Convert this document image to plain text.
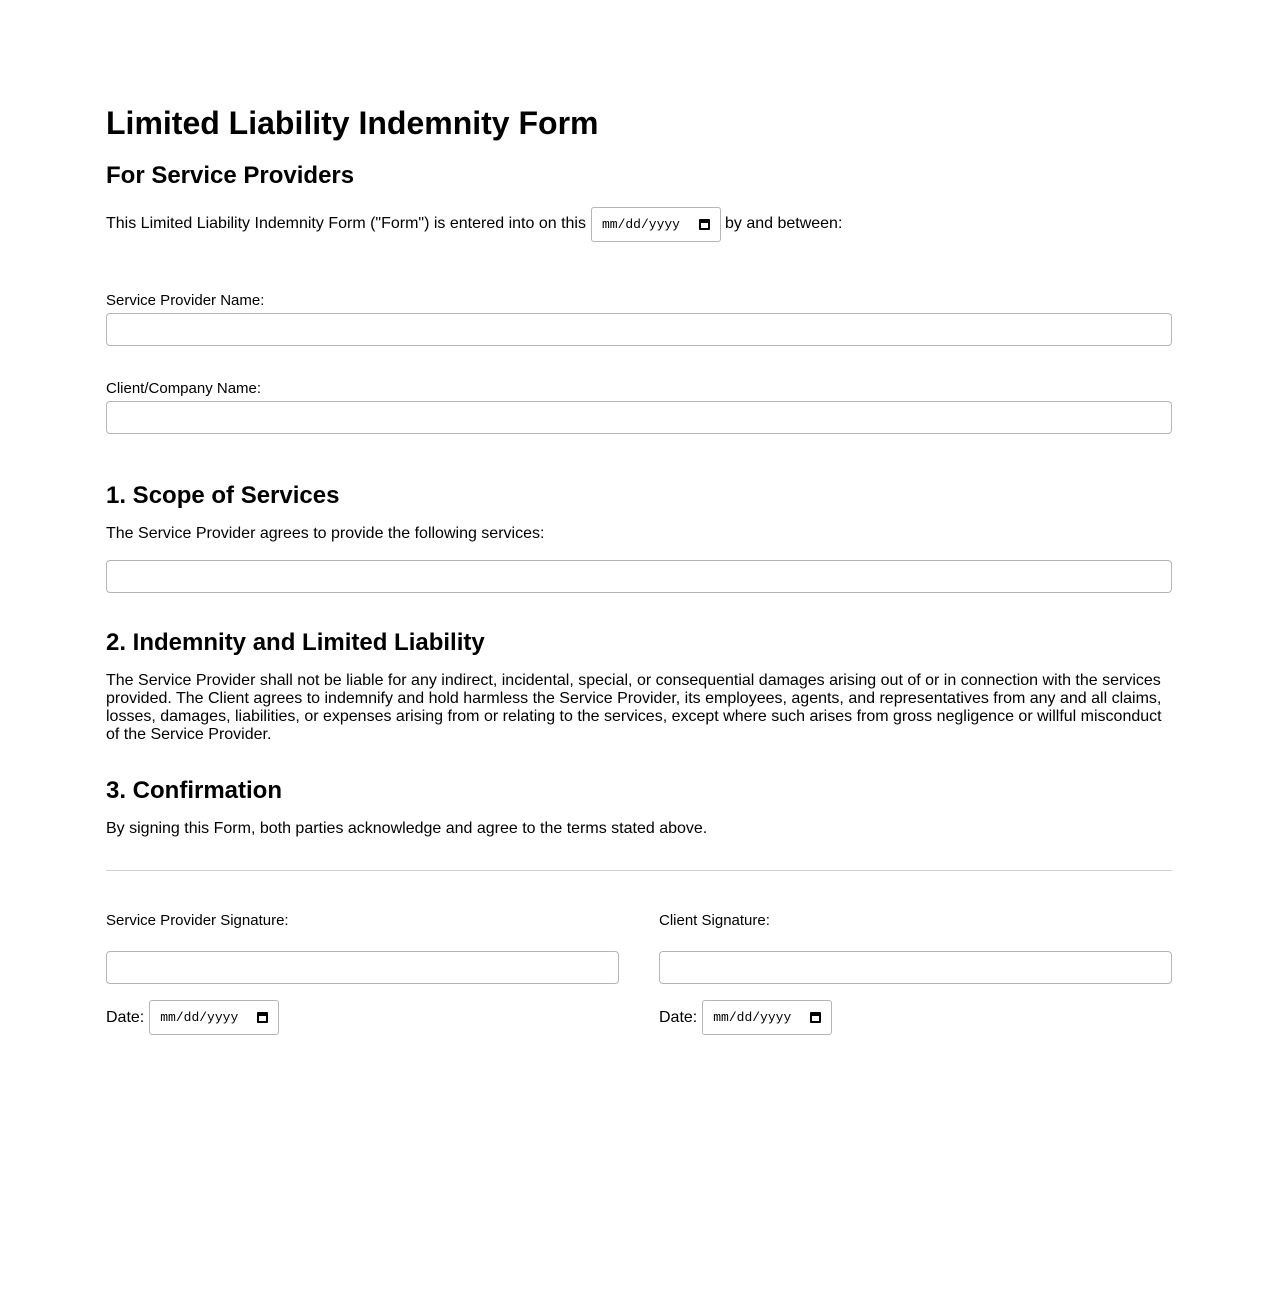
Limited Liability Indemnity Form
For Service Providers
This Limited Liability Indemnity Form ("Form") is entered into on this mm/dd/yyyy	by and between:
Service Provider Name:
Client/Company Name:
1. Scope of Services

The Service Provider agrees to provide the following services:

2. Indemnity and Limited Liability

The Service Provider shall not be liable for any indirect, incidental, special, or consequential damages arising out of or in connection with the services provided. The Client agrees to indemnify and hold harmless the Service Provider, its employees, agents, and representatives from any and all claims, losses, damages, liabilities, or expenses arising from or relating to the services, except where such arises from gross negligence or willful misconduct of the Service Provider.

3. Confirmation

By signing this Form, both parties acknowledge and agree to the terms stated above.

Service Provider Signature:
Date: mm/dd/yyyy
Client Signature:
Date: mm/dd/yyyy
